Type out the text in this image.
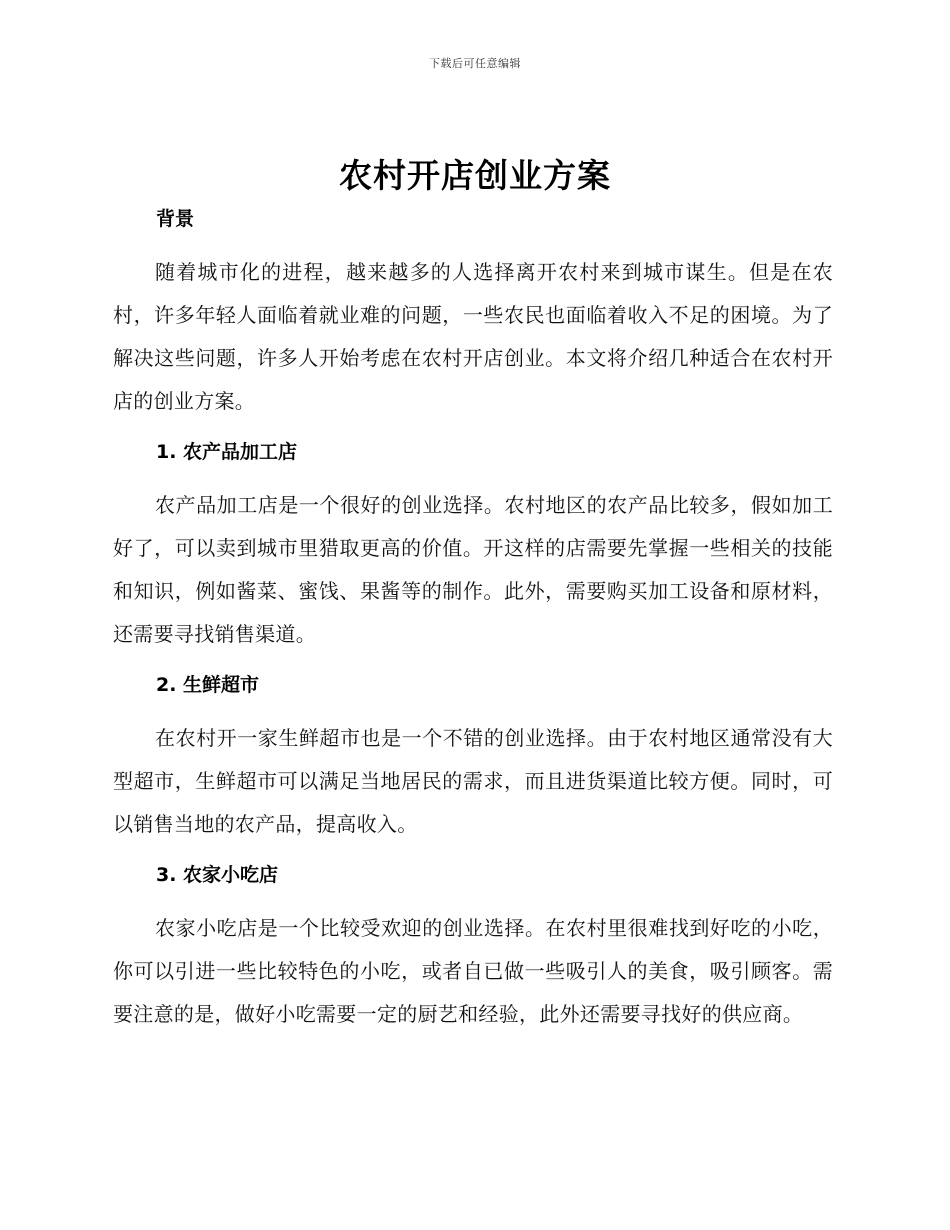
下载后可任意编辑
农村开店创业方案
背景

随着城市化的进程，越来越多的人选择离开农村来到城市谋生。但是在农村，许多年轻人面临着就业难的问题，一些农民也面临着收入不足的困境。为了解决这些问题，许多人开始考虑在农村开店创业。本文将介绍几种适合在农村开店的创业方案。

1. 农产品加工店

农产品加工店是一个很好的创业选择。农村地区的农产品比较多，假如加工好了，可以卖到城市里猎取更高的价值。开这样的店需要先掌握一些相关的技能和知识，例如酱菜、蜜饯、果酱等的制作。此外，需要购买加工设备和原材料，还需要寻找销售渠道。

2. 生鲜超市

在农村开一家生鲜超市也是一个不错的创业选择。由于农村地区通常没有大型超市，生鲜超市可以满足当地居民的需求，而且进货渠道比较方便。同时，可以销售当地的农产品，提高收入。

3. 农家小吃店

农家小吃店是一个比较受欢迎的创业选择。在农村里很难找到好吃的小吃，你可以引进一些比较特色的小吃，或者自已做一些吸引人的美食，吸引顾客。需要注意的是，做好小吃需要一定的厨艺和经验，此外还需要寻找好的供应商。
